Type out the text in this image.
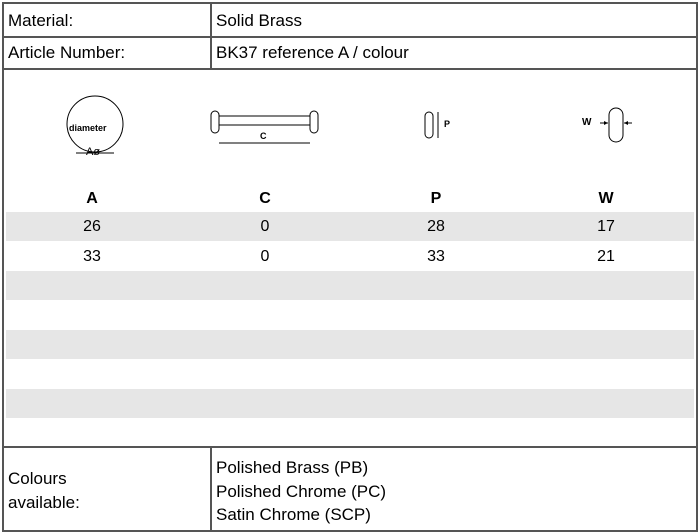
Material:	Solid Brass
Article Number:	BK37 reference A / colour
diameter
Aø
C
P	W
A	C	P	W
26	0	28	17
33	0	33	21
Colours
available:
Polished Brass (PB)
Polished Chrome (PC)
Satin Chrome (SCP)
